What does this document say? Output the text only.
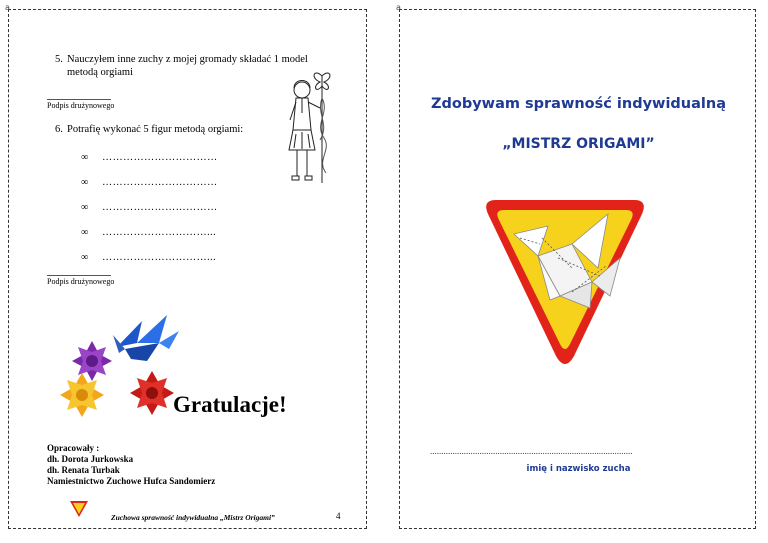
a
5. Nauczyłem inne zuchy z mojej gromady składać 1 model
metodą orgiami
Podpis drużynowego
6. Potrafię wykonać 5 figur metodą orgiami:
∞ ……………………………
∞ ……………………………
∞ ……………………………
∞ …………………………...
∞ …………………………...
Podpis drużynowego
Gratulacje!
Opracowały :
dh. Dorota Jurkowska
dh. Renata Turbak
Namiestnictwo Zuchowe Hufca Sandomierz
Zuchowa sprawność indywidualna „Mistrz Origami”	4
a
Zdobywam sprawność indywidualną
„MISTRZ ORIGAMI”
..........................................................................................
imię i nazwisko zucha
